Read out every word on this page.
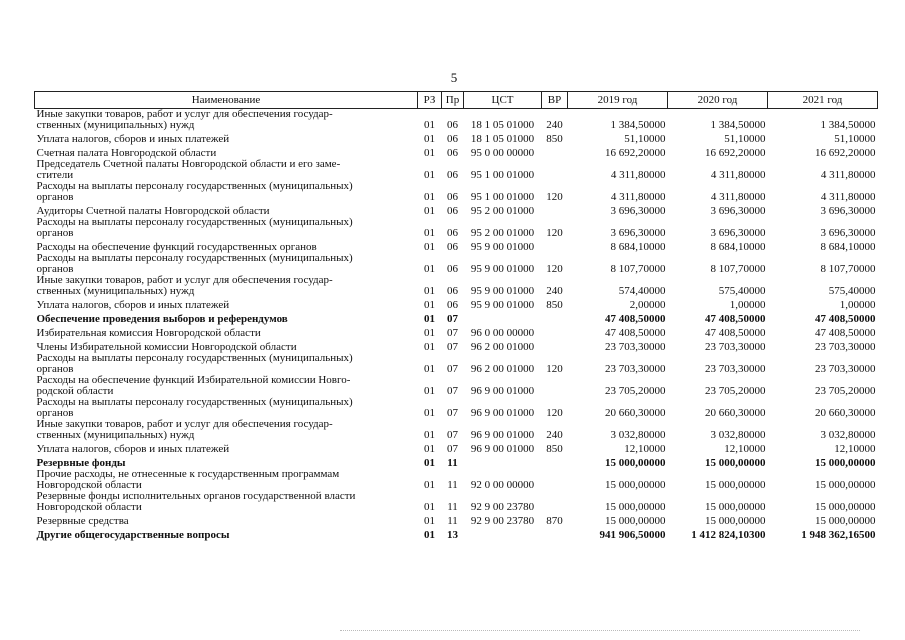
5
Наименование	РЗ	Пр	ЦСТ	ВР	2019 год	2020 год	2021 год
Иные закупки товаров, работ и услуг для обеспечения государ-
ственных (муниципальных) нужд	01	06	18 1 05 01000	240	1 384,50000	1 384,50000	1 384,50000
Уплата налогов, сборов и иных платежей	01	06	18 1 05 01000	850	51,10000	51,10000	51,10000
Счетная палата Новгородской области	01	06	95 0 00 00000		16 692,20000	16 692,20000	16 692,20000
Председатель Счетной палаты Новгородской области и его заме-
стители	01	06	95 1 00 01000		4 311,80000	4 311,80000	4 311,80000
Расходы на выплаты персоналу государственных (муниципальных)
органов	01	06	95 1 00 01000	120	4 311,80000	4 311,80000	4 311,80000
Аудиторы Счетной палаты Новгородской области	01	06	95 2 00 01000		3 696,30000	3 696,30000	3 696,30000
Расходы на выплаты персоналу государственных (муниципальных)
органов	01	06	95 2 00 01000	120	3 696,30000	3 696,30000	3 696,30000
Расходы на обеспечение функций государственных органов	01	06	95 9 00 01000		8 684,10000	8 684,10000	8 684,10000
Расходы на выплаты персоналу государственных (муниципальных)
органов	01	06	95 9 00 01000	120	8 107,70000	8 107,70000	8 107,70000
Иные закупки товаров, работ и услуг для обеспечения государ-
ственных (муниципальных) нужд	01	06	95 9 00 01000	240	574,40000	575,40000	575,40000
Уплата налогов, сборов и иных платежей	01	06	95 9 00 01000	850	2,00000	1,00000	1,00000
Обеспечение проведения выборов и референдумов	01	07			47 408,50000	47 408,50000	47 408,50000
Избирательная комиссия Новгородской области	01	07	96 0 00 00000		47 408,50000	47 408,50000	47 408,50000
Члены Избирательной комиссии Новгородской области	01	07	96 2 00 01000		23 703,30000	23 703,30000	23 703,30000
Расходы на выплаты персоналу государственных (муниципальных)
органов	01	07	96 2 00 01000	120	23 703,30000	23 703,30000	23 703,30000
Расходы на обеспечение функций Избирательной комиссии Новго-
родской области	01	07	96 9 00 01000		23 705,20000	23 705,20000	23 705,20000
Расходы на выплаты персоналу государственных (муниципальных)
органов	01	07	96 9 00 01000	120	20 660,30000	20 660,30000	20 660,30000
Иные закупки товаров, работ и услуг для обеспечения государ-
ственных (муниципальных) нужд	01	07	96 9 00 01000	240	3 032,80000	3 032,80000	3 032,80000
Уплата налогов, сборов и иных платежей	01	07	96 9 00 01000	850	12,10000	12,10000	12,10000
Резервные фонды	01	11			15 000,00000	15 000,00000	15 000,00000
Прочие расходы, не отнесенные к государственным программам
Новгородской области	01	11	92 0 00 00000		15 000,00000	15 000,00000	15 000,00000
Резервные фонды исполнительных органов государственной власти
Новгородской области	01	11	92 9 00 23780		15 000,00000	15 000,00000	15 000,00000
Резервные средства	01	11	92 9 00 23780	870	15 000,00000	15 000,00000	15 000,00000
Другие общегосударственные вопросы	01	13			941 906,50000	1 412 824,10300	1 948 362,16500
